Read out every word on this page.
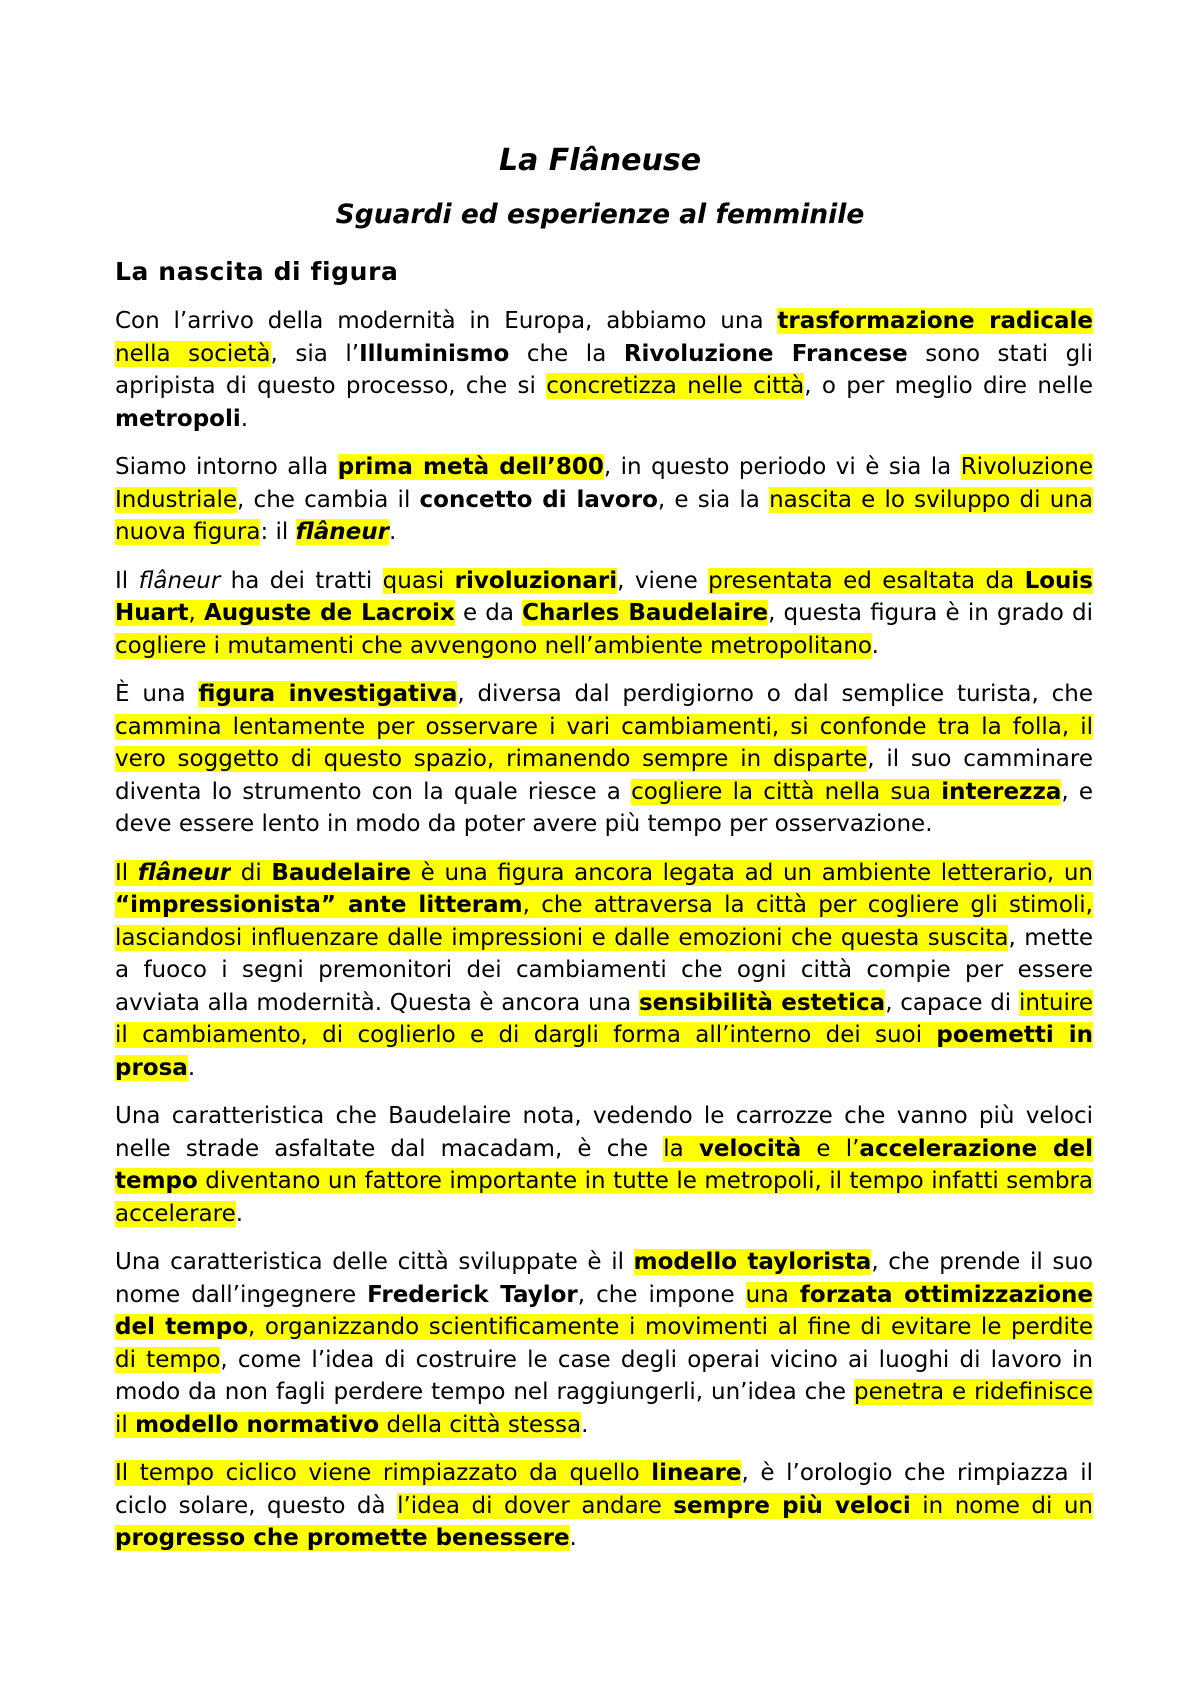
La Flâneuse
Sguardi ed esperienze al femminile
La nascita di figura

Con l’arrivo della modernità in Europa, abbiamo una trasformazione radicale nella società, sia l’Illuminismo che la Rivoluzione Francese sono stati gli apripista di questo processo, che si concretizza nelle città, o per meglio dire nelle metropoli.

Siamo intorno alla prima metà dell’800, in questo periodo vi è sia la Rivoluzione Industriale, che cambia il concetto di lavoro, e sia la nascita e lo sviluppo di una nuova figura: il flâneur.

Il flâneur ha dei tratti quasi rivoluzionari, viene presentata ed esaltata da Louis Huart, Auguste de Lacroix e da Charles Baudelaire, questa figura è in grado di cogliere i mutamenti che avvengono nell’ambiente metropolitano.

È una figura investigativa, diversa dal perdigiorno o dal semplice turista, che cammina lentamente per osservare i vari cambiamenti, si confonde tra la folla, il vero soggetto di questo spazio, rimanendo sempre in disparte, il suo camminare diventa lo strumento con la quale riesce a cogliere la città nella sua interezza, e deve essere lento in modo da poter avere più tempo per osservazione.

Il flâneur di Baudelaire è una figura ancora legata ad un ambiente letterario, un “impressionista” ante litteram, che attraversa la città per cogliere gli stimoli, lasciandosi influenzare dalle impressioni e dalle emozioni che questa suscita, mette a fuoco i segni premonitori dei cambiamenti che ogni città compie per essere avviata alla modernità. Questa è ancora una sensibilità estetica, capace di intuire il cambiamento, di coglierlo e di dargli forma all’interno dei suoi poemetti in prosa.

Una caratteristica che Baudelaire nota, vedendo le carrozze che vanno più veloci nelle strade asfaltate dal macadam, è che la velocità e l’accelerazione del tempo diventano un fattore importante in tutte le metropoli, il tempo infatti sembra accelerare.

Una caratteristica delle città sviluppate è il modello taylorista, che prende il suo nome dall’ingegnere Frederick Taylor, che impone una forzata ottimizzazione del tempo, organizzando scientificamente i movimenti al fine di evitare le perdite di tempo, come l’idea di costruire le case degli operai vicino ai luoghi di lavoro in modo da non fagli perdere tempo nel raggiungerli, un’idea che penetra e ridefinisce il modello normativo della città stessa.

Il tempo ciclico viene rimpiazzato da quello lineare, è l’orologio che rimpiazza il ciclo solare, questo dà l’idea di dover andare sempre più veloci in nome di un progresso che promette benessere.
